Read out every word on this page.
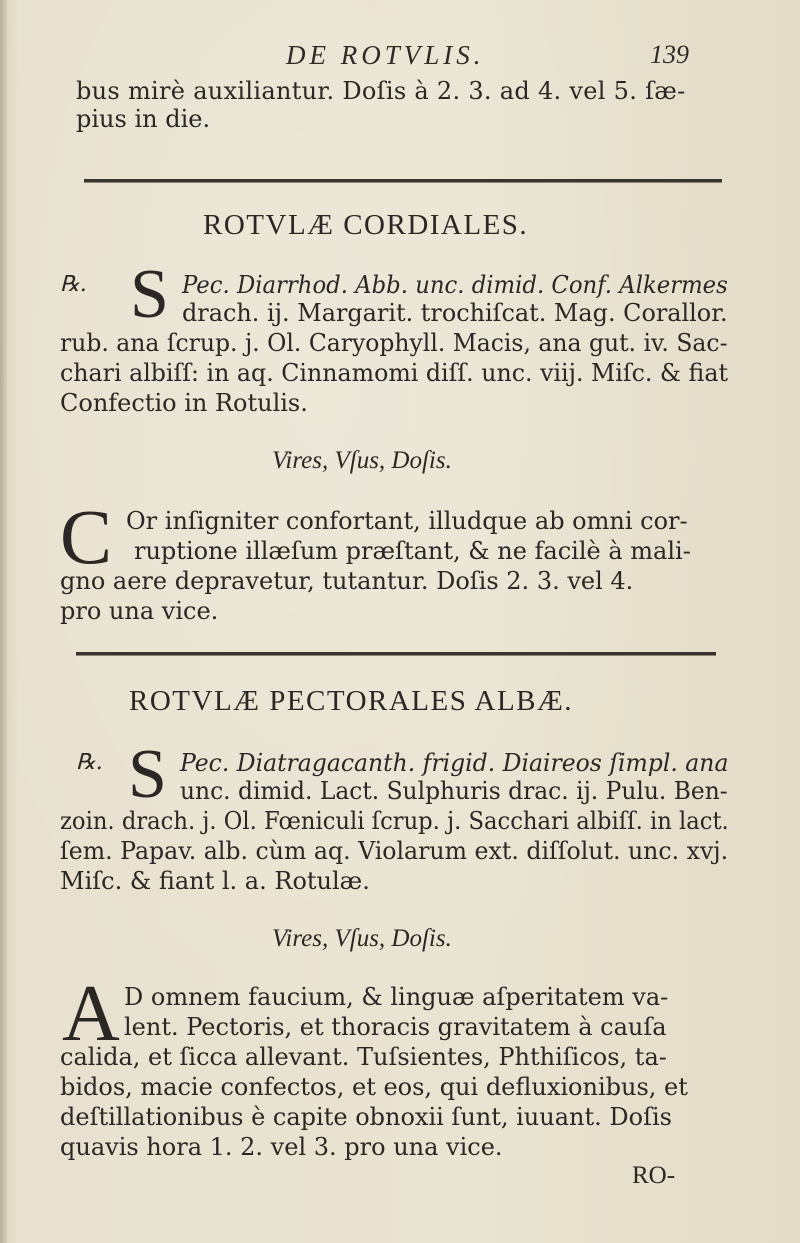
DE ROTVLIS.	139
bus mirè auxiliantur. Doſis à 2. 3. ad 4. vel 5. ſæ-
pius in die.
ROTVLÆ CORDIALES.
℞. S Pec. Diarrhod. Abb. unc. dimid. Conf. Alkermes
drach. ij. Margarit. trochiſcat. Mag. Corallor.
rub. ana ſcrup. j. Ol. Caryophyll. Macis, ana gut. iv. Sac-
chari albiſſ: in aq. Cinnamomi diſſ. unc. viij. Miſc. & fiat
Confectio in Rotulis.
Vires, Vſus, Doſis.
C Or inſigniter confortant, illudque ab omni cor-
ruptione illæſum præſtant, & ne facilè à mali-
gno aere depravetur, tutantur. Doſis 2. 3. vel 4.
pro una vice.
ROTVLÆ PECTORALES ALBÆ.
℞. S Pec. Diatragacanth. frigid. Diaireos ſimpl. ana
unc. dimid. Lact. Sulphuris drac. ij. Pulu. Ben-
zoin. drach. j. Ol. Fœniculi ſcrup. j. Sacchari albiſſ. in lact.
ſem. Papav. alb. cùm aq. Violarum ext. diſſolut. unc. xvj.
Miſc. & fiant l. a. Rotulæ.
Vires, Vſus, Doſis.
A D omnem faucium, & linguæ aſperitatem va-
lent. Pectoris, et thoracis gravitatem à cauſa
calida, et ſicca allevant. Tuſsientes, Phthiſicos, ta-
bidos, macie confectos, et eos, qui defluxionibus, et
deſtillationibus è capite obnoxii ſunt, iuuant. Doſis
quavis hora 1. 2. vel 3. pro una vice.
RO-
